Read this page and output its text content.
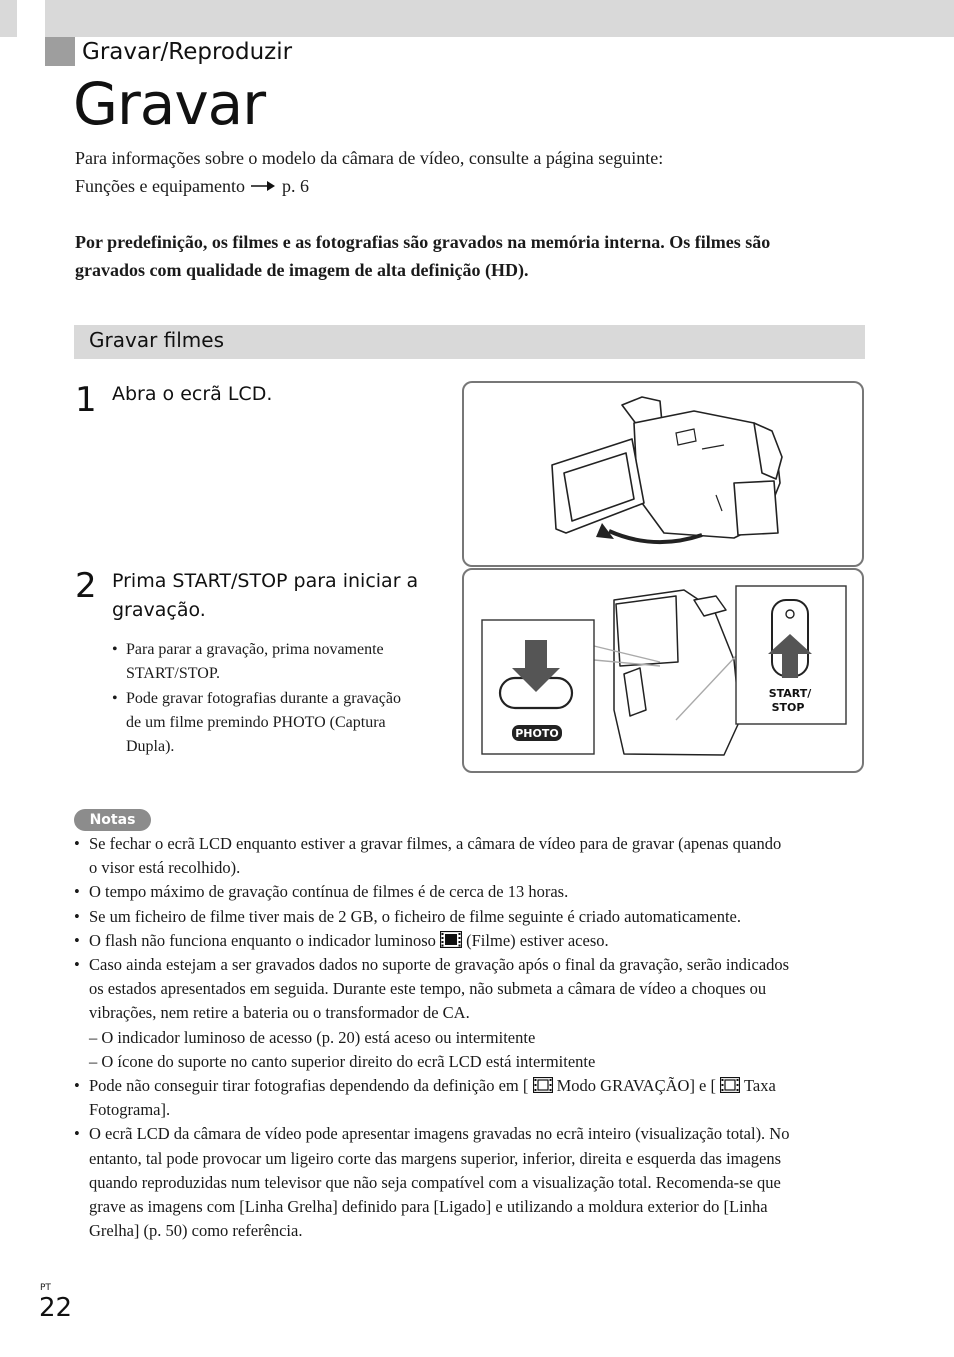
Gravar/Reproduzir
Gravar
Para informações sobre o modelo da câmara de vídeo, consulte a página seguinte:
Funções e equipamento p. 6
Por predefinição, os filmes e as fotografias são gravados na memória interna. Os filmes são
gravados com qualidade de imagem de alta definição (HD).
Gravar filmes
1 Abra o ecrã LCD.
2 Prima START/STOP para iniciar a
gravação.
• Para parar a gravação, prima novamente
START/STOP.
• Pode gravar fotografias durante a gravação
de um filme premindo PHOTO (Captura
Dupla).
PHOTO
START/
STOP
Notas
• Se fechar o ecrã LCD enquanto estiver a gravar filmes, a câmara de vídeo para de gravar (apenas quando
o visor está recolhido).
• O tempo máximo de gravação contínua de filmes é de cerca de 13 horas.
• Se um ficheiro de filme tiver mais de 2 GB, o ficheiro de filme seguinte é criado automaticamente.
• O flash não funciona enquanto o indicador luminoso (Filme) estiver aceso.
• Caso ainda estejam a ser gravados dados no suporte de gravação após o final da gravação, serão indicados
os estados apresentados em seguida. Durante este tempo, não submeta a câmara de vídeo a choques ou
vibrações, nem retire a bateria ou o transformador de CA.
– O indicador luminoso de acesso (p. 20) está aceso ou intermitente
– O ícone do suporte no canto superior direito do ecrã LCD está intermitente
• Pode não conseguir tirar fotografias dependendo da definição em [ Modo GRAVAÇÃO] e [ Taxa
Fotograma].
• O ecrã LCD da câmara de vídeo pode apresentar imagens gravadas no ecrã inteiro (visualização total). No
entanto, tal pode provocar um ligeiro corte das margens superior, inferior, direita e esquerda das imagens
quando reproduzidas num televisor que não seja compatível com a visualização total. Recomenda-se que
grave as imagens com [Linha Grelha] definido para [Ligado] e utilizando a moldura exterior do [Linha
Grelha] (p. 50) como referência.
PT
22
